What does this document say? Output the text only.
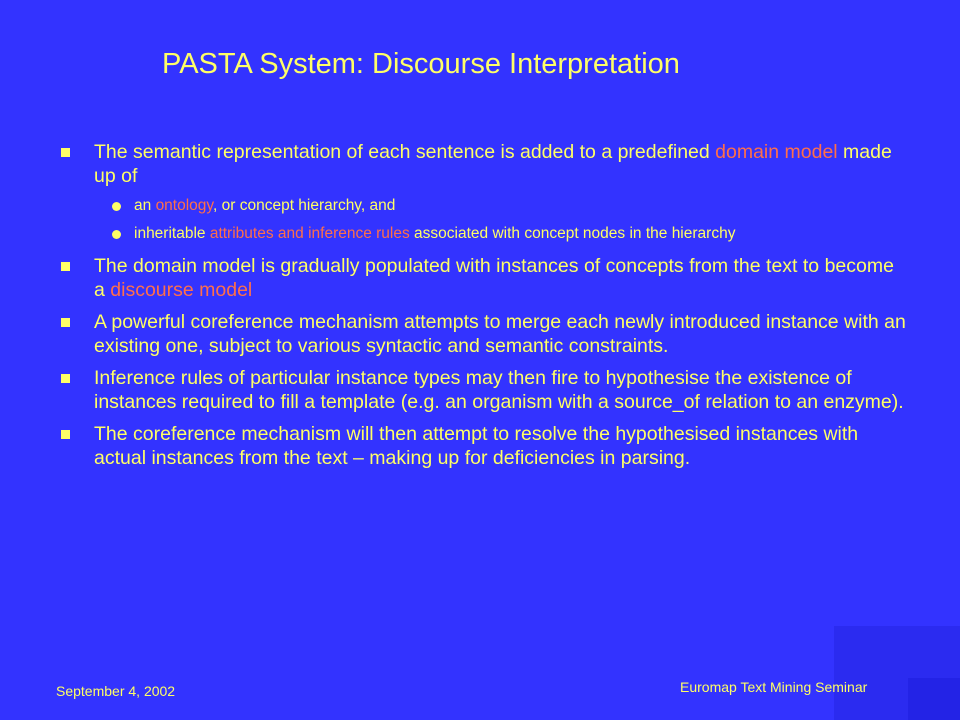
PASTA System: Discourse Interpretation
The semantic representation of each sentence is added to a predefined domain model made up of
an ontology, or concept hierarchy, and
inheritable attributes and inference rules associated with concept nodes in the hierarchy
The domain model is gradually populated with instances of concepts from the text to become a discourse model
A powerful coreference mechanism attempts to merge each newly introduced instance with an existing one, subject to various syntactic and semantic constraints.
Inference rules of particular instance types may then fire to hypothesise the existence of instances required to fill a template (e.g. an organism with a source_of relation to an enzyme).
The coreference mechanism will then attempt to resolve the hypothesised instances with actual instances from the text – making up for deficiencies in parsing.
September 4, 2002	Euromap Text Mining Seminar
